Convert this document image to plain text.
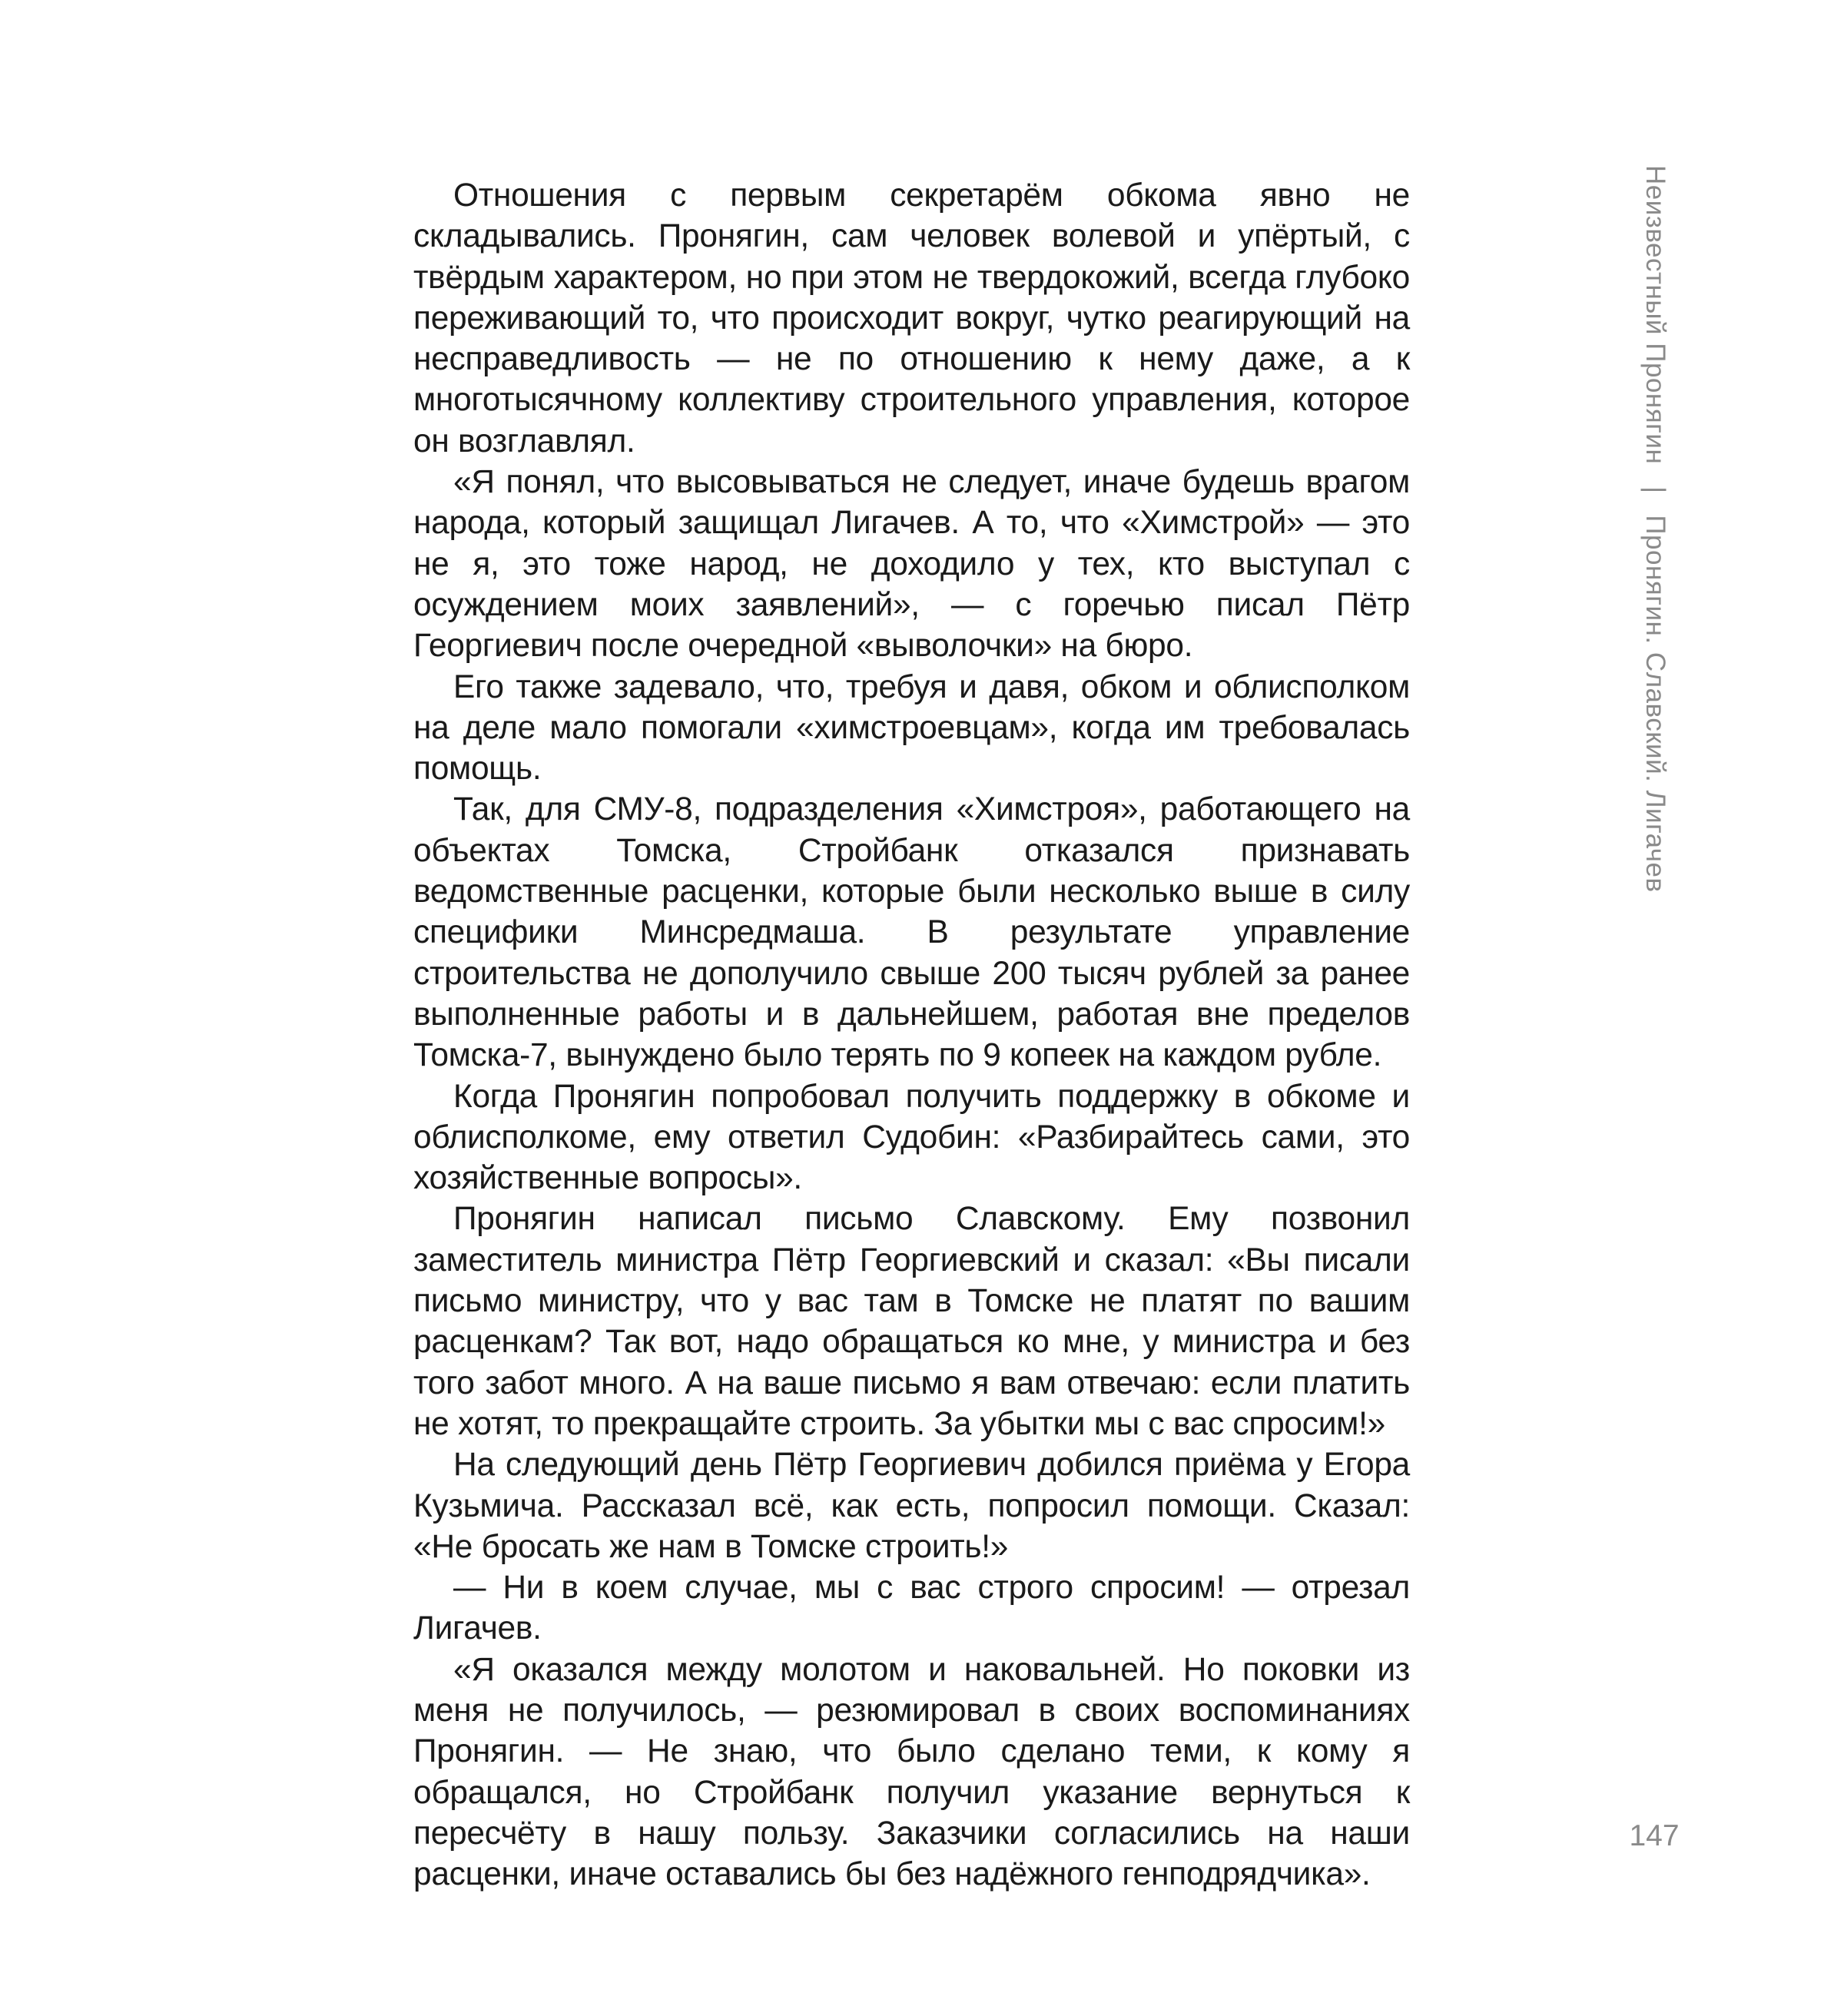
Отношения с первым секретарём обкома явно не складывались. Пронягин, сам человек волевой и упёртый, с твёрдым характером, но при этом не твердокожий, всегда глубоко переживающий то, что происходит вокруг, чутко реагирующий на несправедливость — не по отношению к нему даже, а к многотысячному коллективу строительного управления, которое он возглавлял.

«Я понял, что высовываться не следует, иначе будешь врагом народа, который защищал Лигачев. А то, что «Химстрой» — это не я, это тоже народ, не доходило у тех, кто выступал с осуждением моих заявлений», — с горечью писал Пётр Георгиевич после очередной «выволочки» на бюро.

Его также задевало, что, требуя и давя, обком и облисполком на деле мало помогали «химстроевцам», когда им требовалась помощь.

Так, для СМУ-8, подразделения «Химстроя», работающего на объектах Томска, Стройбанк отказался признавать ведомственные расценки, которые были несколько выше в силу специфики Минсредмаша. В результате управление строительства не дополучило свыше 200 тысяч рублей за ранее выполненные работы и в дальнейшем, работая вне пределов Томска-7, вынуждено было терять по 9 копеек на каждом рубле.

Когда Пронягин попробовал получить поддержку в обкоме и облисполкоме, ему ответил Судобин: «Разбирайтесь сами, это хозяйственные вопросы».

Пронягин написал письмо Славскому. Ему позвонил заместитель министра Пётр Георгиевский и сказал: «Вы писали письмо министру, что у вас там в Томске не платят по вашим расценкам? Так вот, надо обращаться ко мне, у министра и без того забот много. А на ваше письмо я вам отвечаю: если платить не хотят, то прекращайте строить. За убытки мы с вас спросим!»

На следующий день Пётр Георгиевич добился приёма у Егора Кузьмича. Рассказал всё, как есть, попросил помощи. Сказал: «Не бросать же нам в Томске строить!»

— Ни в коем случае, мы с вас строго спросим! — отрезал Лигачев.

«Я оказался между молотом и наковальней. Но поковки из меня не получилось, — резюмировал в своих воспоминаниях Пронягин. — Не знаю, что было сделано теми, к кому я обращался, но Стройбанк получил указание вернуться к пересчёту в нашу пользу. Заказчики согласились на наши расценки, иначе оставались бы без надёжного генподрядчика».

Неизвестный Пронягин | Пронягин. Славский. Лигачев
147
